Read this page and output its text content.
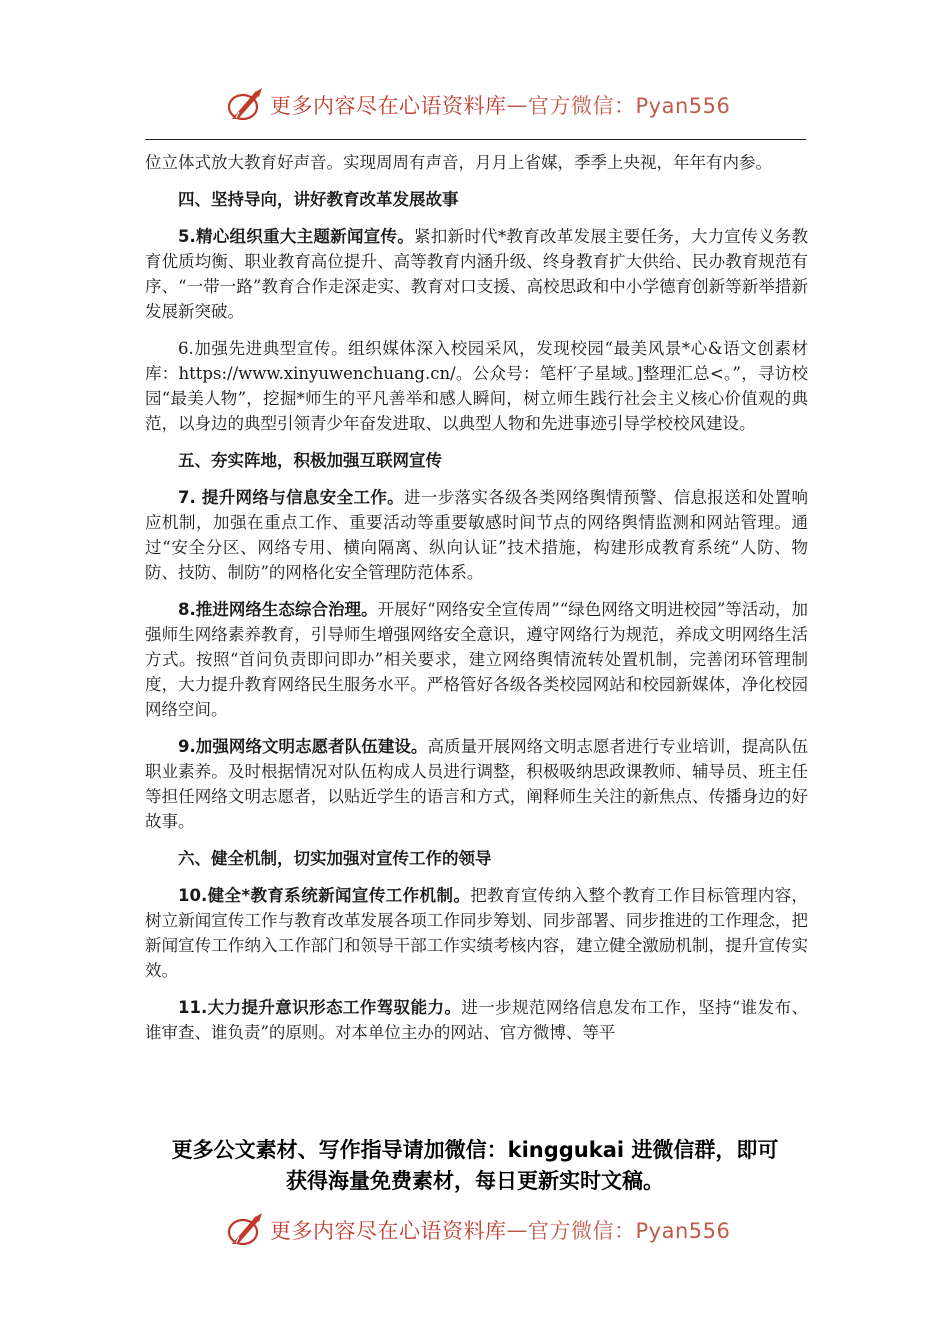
更多内容尽在心语资料库 — 官方微信：Pyan556

位立体式放大教育好声音。实现周周有声音，月月上省媒，季季上央视，年年有内参。

四、坚持导向，讲好教育改革发展故事

5.精心组织重大主题新闻宣传。紧扣新时代*教育改革发展主要任务，大力宣传义务教育优质均衡、职业教育高位提升、高等教育内涵升级、终身教育扩大供给、民办教育规范有序、“一带一路”教育合作走深走实、教育对口支援、高校思政和中小学德育创新等新举措新发展新突破。

6.加强先进典型宣传。组织媒体深入校园采风，发现校园“最美风景*心&语文创素材库：https://www.xinyuwenchuang.cn/。公众号：笔杆′子星域。]整理汇总<。”，寻访校园“最美人物”，挖掘*师生的平凡善举和感人瞬间，树立师生践行社会主义核心价值观的典范，以身边的典型引领青少年奋发进取、以典型人物和先进事迹引导学校校风建设。

五、夯实阵地，积极加强互联网宣传

7. 提升网络与信息安全工作。进一步落实各级各类网络舆情预警、信息报送和处置响应机制，加强在重点工作、重要活动等重要敏感时间节点的网络舆情监测和网站管理。通过“安全分区、网络专用、横向隔离、纵向认证”技术措施，构建形成教育系统“人防、物防、技防、制防”的网格化安全管理防范体系。

8.推进网络生态综合治理。开展好“网络安全宣传周”“绿色网络文明进校园”等活动，加强师生网络素养教育，引导师生增强网络安全意识，遵守网络行为规范，养成文明网络生活方式。按照“首问负责即问即办”相关要求，建立网络舆情流转处置机制，完善闭环管理制度，大力提升教育网络民生服务水平。严格管好各级各类校园网站和校园新媒体，净化校园网络空间。

9.加强网络文明志愿者队伍建设。高质量开展网络文明志愿者进行专业培训，提高队伍职业素养。及时根据情况对队伍构成人员进行调整，积极吸纳思政课教师、辅导员、班主任等担任网络文明志愿者，以贴近学生的语言和方式，阐释师生关注的新焦点、传播身边的好故事。

六、健全机制，切实加强对宣传工作的领导

10.健全*教育系统新闻宣传工作机制。把教育宣传纳入整个教育工作目标管理内容，树立新闻宣传工作与教育改革发展各项工作同步筹划、同步部署、同步推进的工作理念，把新闻宣传工作纳入工作部门和领导干部工作实绩考核内容，建立健全激励机制，提升宣传实效。

11.大力提升意识形态工作驾驭能力。进一步规范网络信息发布工作，坚持“谁发布、谁审查、谁负责”的原则。对本单位主办的网站、官方微博、等平

更多公文素材、写作指导请加微信：kinggukai 进微信群，即可
获得海量免费素材，每日更新实时文稿。
更多内容尽在心语资料库 — 官方微信：Pyan556
